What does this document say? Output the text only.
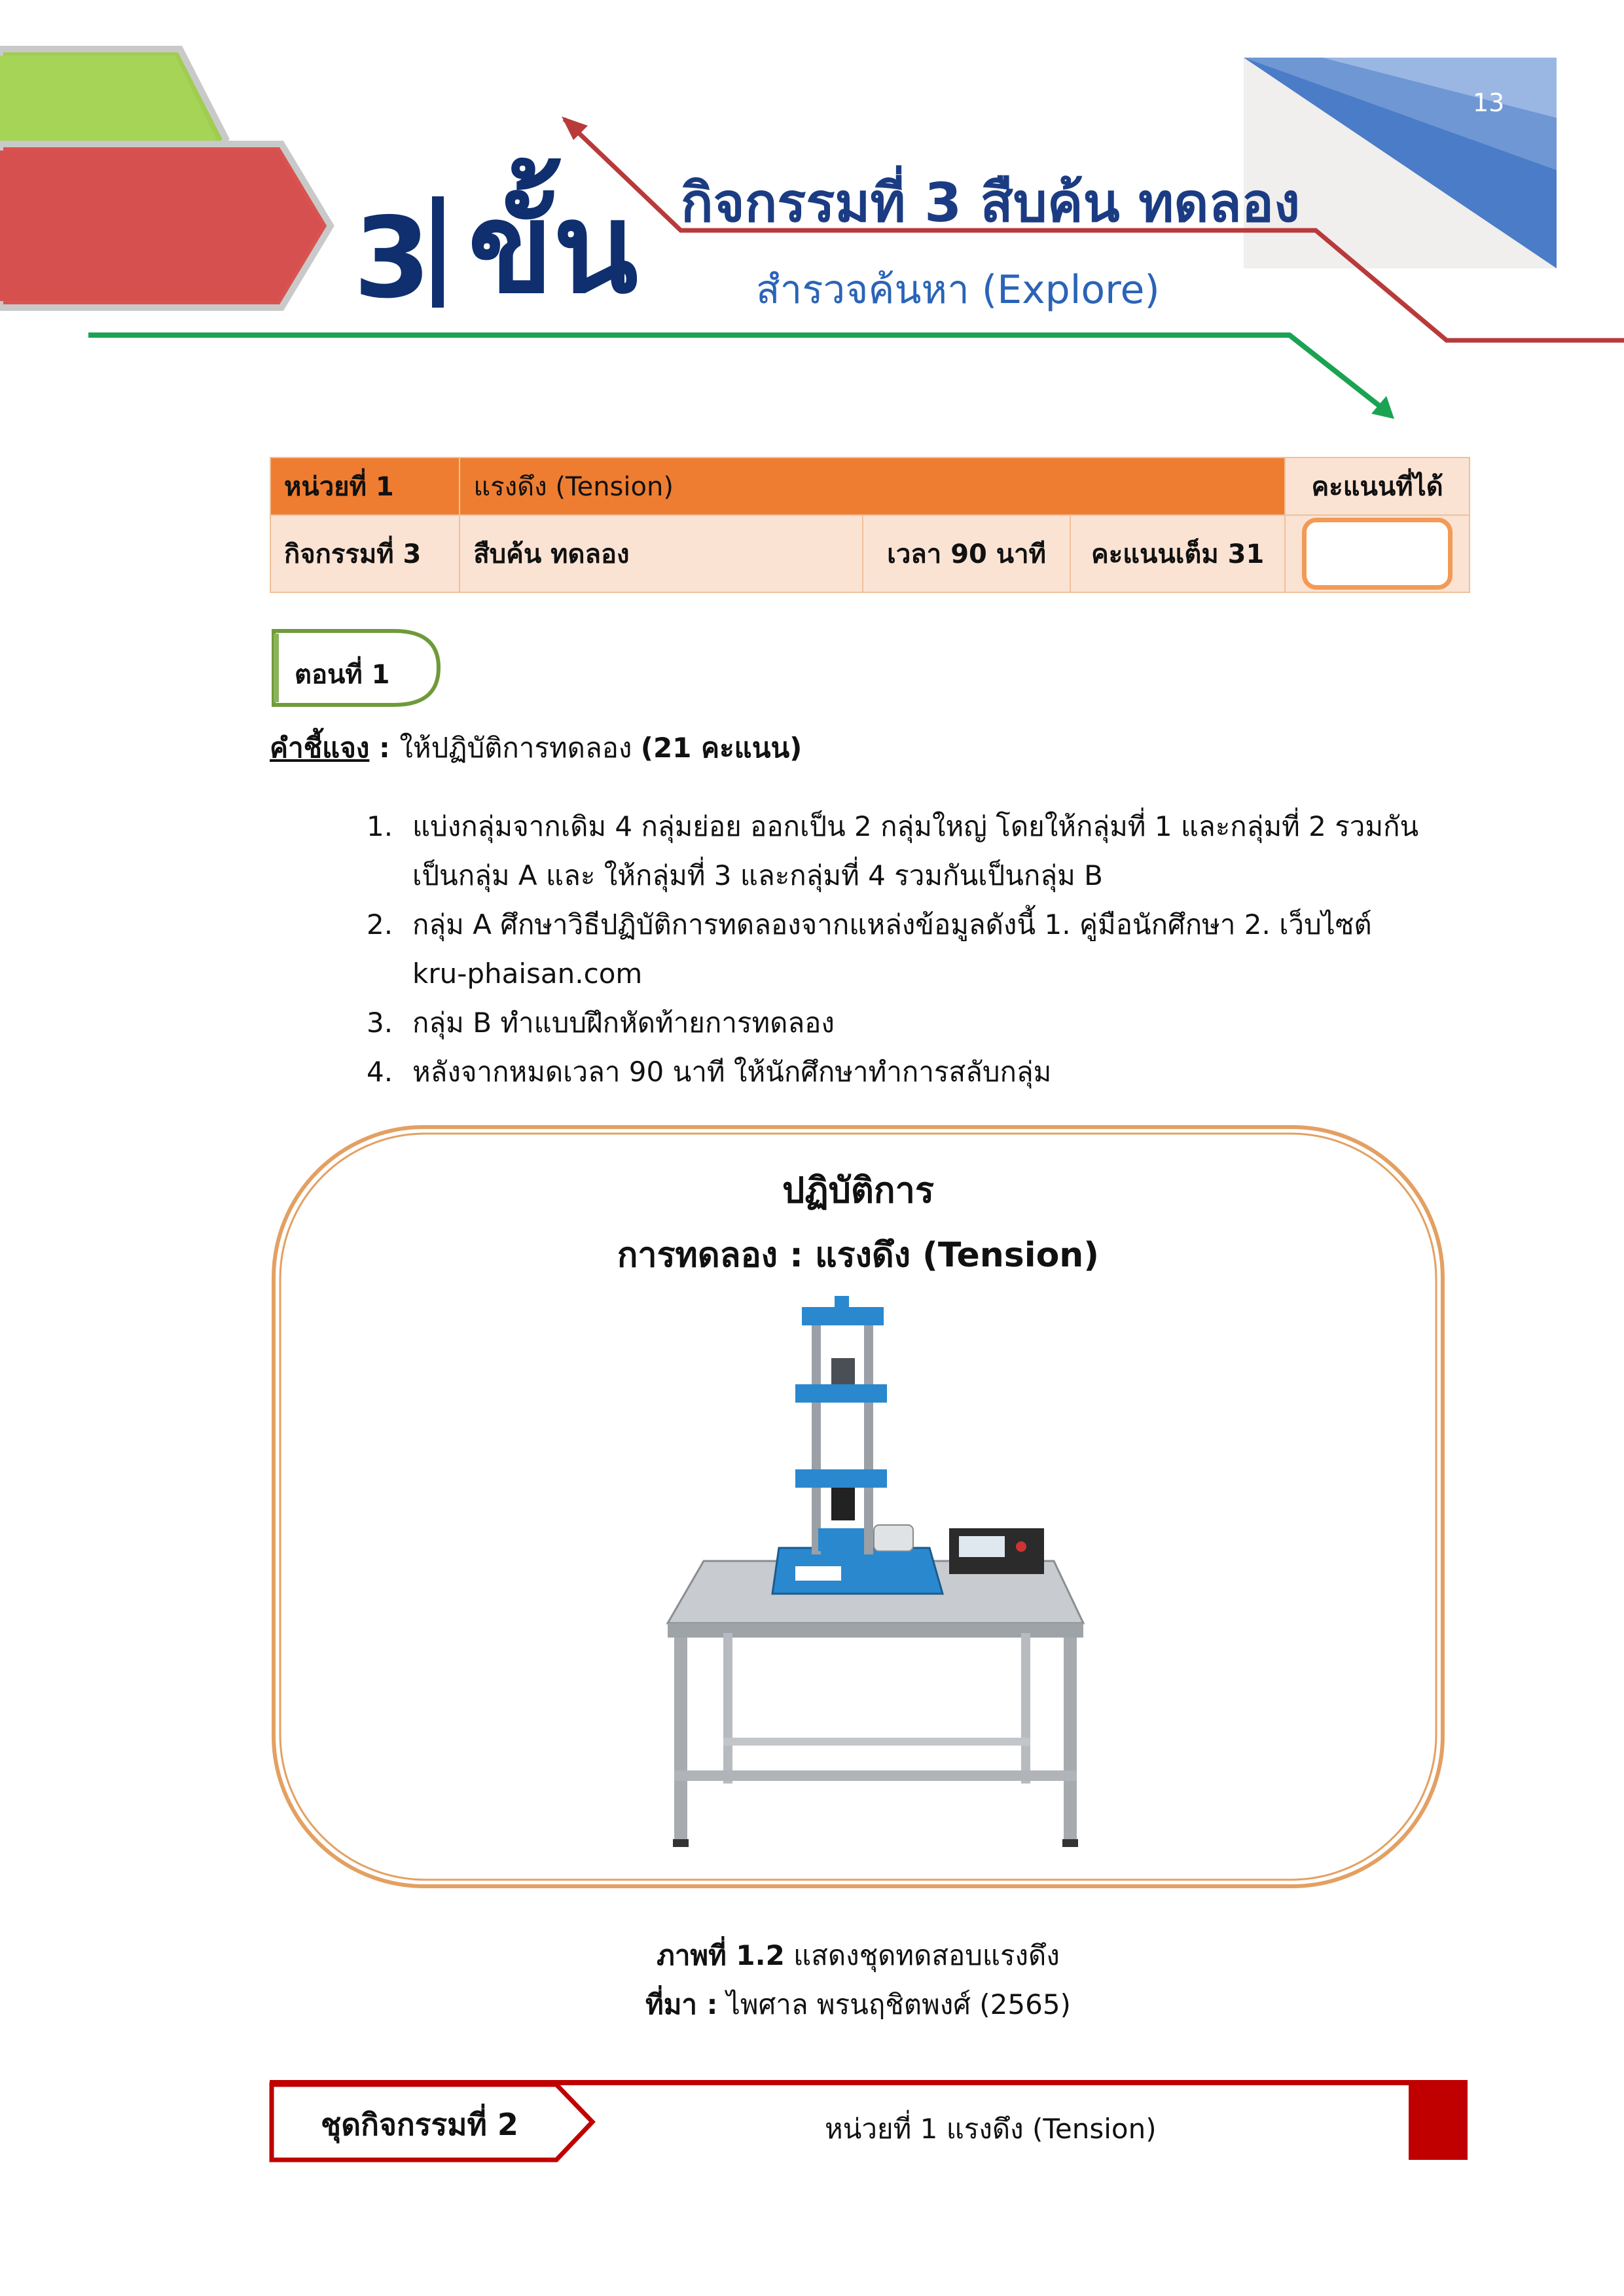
13
3 ขั้น กิจกรรมที่ 3 สืบค้น ทดลอง
สำรวจค้นหา (Explore)
หน่วยที่ 1	แรงดึง (Tension)			คะแนนที่ได้
กิจกรรมที่ 3	สืบค้น ทดลอง	เวลา 90 นาที	คะแนนเต็ม 31	
ตอนที่ 1
คำชี้แจง : ให้ปฏิบัติการทดลอง (21 คะแนน)
1. แบ่งกลุ่มจากเดิม 4 กลุ่มย่อย ออกเป็น 2 กลุ่มใหญ่ โดยให้กลุ่มที่ 1 และกลุ่มที่ 2 รวมกันเป็นกลุ่ม A และ ให้กลุ่มที่ 3 และกลุ่มที่ 4 รวมกันเป็นกลุ่ม B
2. กลุ่ม A ศึกษาวิธีปฏิบัติการทดลองจากแหล่งข้อมูลดังนี้ 1. คู่มือนักศึกษา 2. เว็บไซต์ kru-phaisan.com
3. กลุ่ม B ทำแบบฝึกหัดท้ายการทดลอง
4. หลังจากหมดเวลา 90 นาที ให้นักศึกษาทำการสลับกลุ่ม
ปฏิบัติการ
การทดลอง : แรงดึง (Tension)
ภาพที่ 1.2 แสดงชุดทดสอบแรงดึง
ที่มา : ไพศาล พรนฤชิตพงศ์ (2565)
ชุดกิจกรรมที่ 2	หน่วยที่ 1 แรงดึง (Tension)
